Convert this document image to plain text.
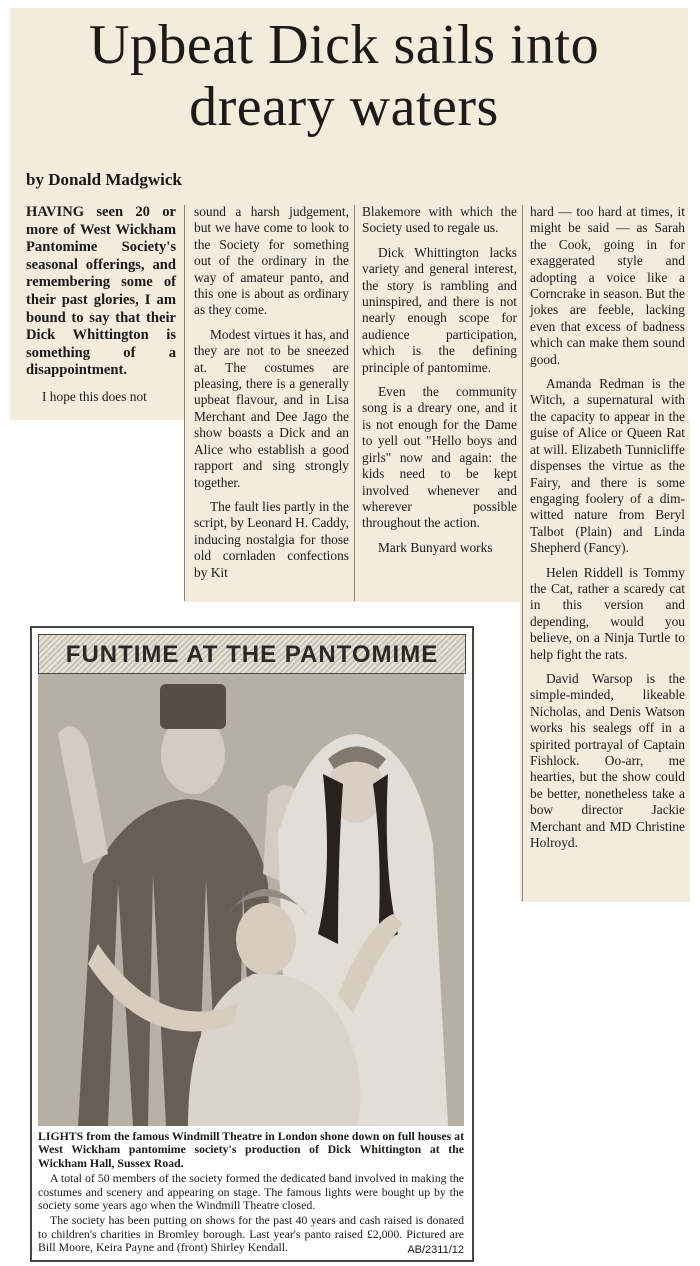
Upbeat Dick sails into
dreary waters

by Donald Madgwick

HAVING seen 20 or more of West Wickham Pantomime Society's seasonal offerings, and remembering some of their past glories, I am bound to say that their Dick Whittington is something of a disappointment.

I hope this does not

sound a harsh judgement, but we have come to look to the Society for something out of the ordinary in the way of amateur panto, and this one is about as ordinary as they come.

Modest virtues it has, and they are not to be sneezed at. The costumes are pleasing, there is a generally upbeat flavour, and in Lisa Merchant and Dee Jago the show boasts a Dick and an Alice who establish a good rapport and sing strongly together.

The fault lies partly in the script, by Leonard H. Caddy, inducing nostalgia for those old cornladen confections by Kit

Blakemore with which the Society used to regale us.

Dick Whittington lacks variety and general interest, the story is rambling and uninspired, and there is not nearly enough scope for audience participation, which is the defining principle of pantomime.

Even the community song is a dreary one, and it is not enough for the Dame to yell out "Hello boys and girls" now and again: the kids need to be kept involved whenever and wherever possible throughout the action.

Mark Bunyard works

hard — too hard at times, it might be said — as Sarah the Cook, going in for exaggerated style and adopting a voice like a Corncrake in season. But the jokes are feeble, lacking even that excess of badness which can make them sound good.

Amanda Redman is the Witch, a supernatural with the capacity to appear in the guise of Alice or Queen Rat at will. Elizabeth Tunnicliffe dispenses the virtue as the Fairy, and there is some engaging foolery of a dim-witted nature from Beryl Talbot (Plain) and Linda Shepherd (Fancy).

Helen Riddell is Tommy the Cat, rather a scaredy cat in this version and depending, would you believe, on a Ninja Turtle to help fight the rats.

David Warsop is the simple-minded, likeable Nicholas, and Denis Watson works his sealegs off in a spirited portrayal of Captain Fishlock. Oo-arr, me hearties, but the show could be better, nonetheless take a bow director Jackie Merchant and MD Christine Holroyd.

FUNTIME AT THE PANTOMIME

LIGHTS from the famous Windmill Theatre in London shone down on full houses at West Wickham pantomime society's production of Dick Whittington at the Wickham Hall, Sussex Road.

A total of 50 members of the society formed the dedicated band involved in making the costumes and scenery and appearing on stage. The famous lights were bought up by the society some years ago when the Windmill Theatre closed.

The society has been putting on shows for the past 40 years and cash raised is donated to children's charities in Bromley borough. Last year's panto raised £2,000. Pictured are Bill Moore, Keira Payne and (front) Shirley Kendall.	AB/2311/12
